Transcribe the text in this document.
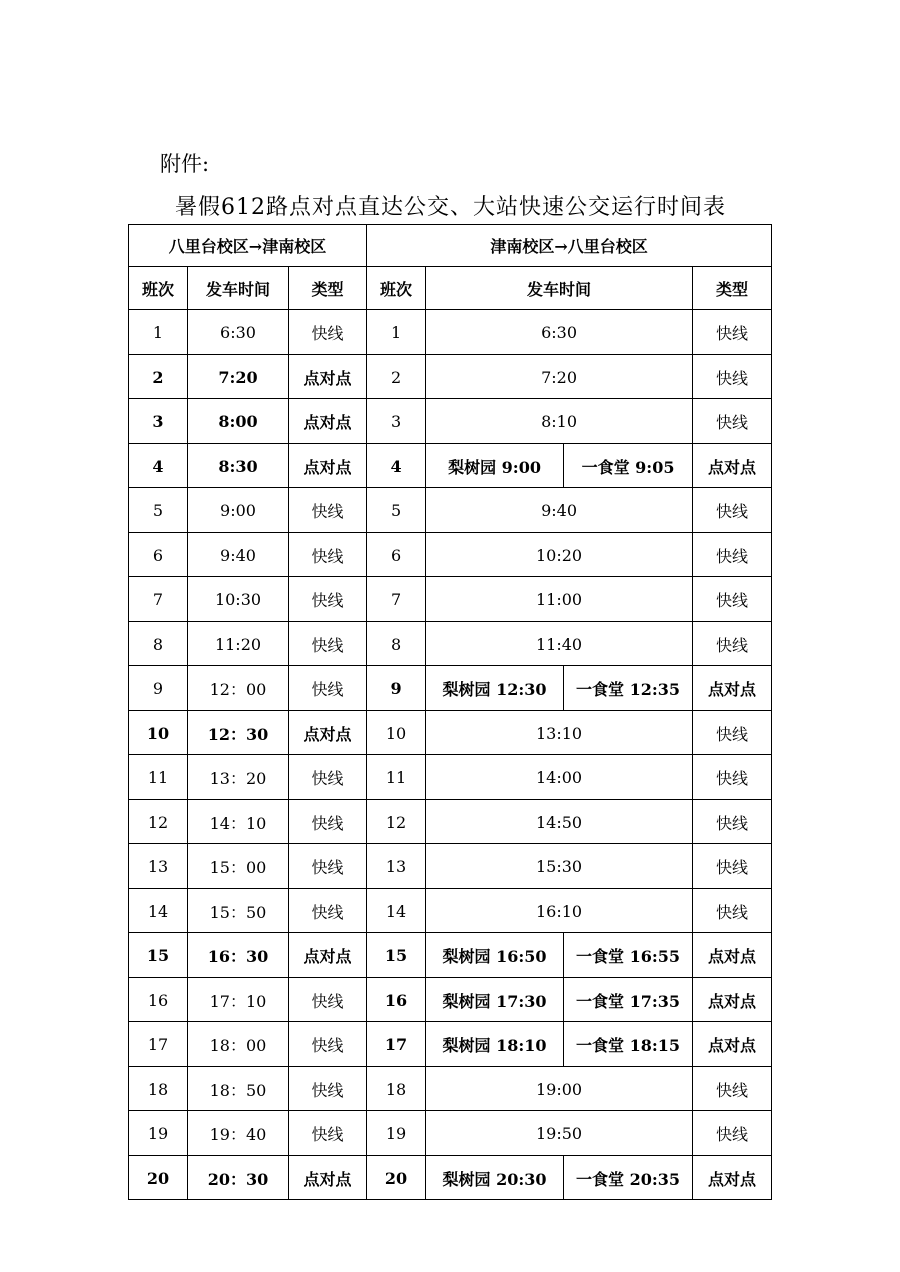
附件:
暑假612路点对点直达公交、大站快速公交运行时间表
八里台校区→津南校区			津南校区→八里台校区			
班次	发车时间	类型	班次	发车时间		类型
1	6:30	快线	1	6:30		快线
2	7:20	点对点	2	7:20		快线
3	8:00	点对点	3	8:10		快线
4	8:30	点对点	4	梨树园 9:00	一食堂 9:05	点对点
5	9:00	快线	5	9:40		快线
6	9:40	快线	6	10:20		快线
7	10:30	快线	7	11:00		快线
8	11:20	快线	8	11:40		快线
9	12：00	快线	9	梨树园 12:30	一食堂 12:35	点对点
10	12：30	点对点	10	13:10		快线
11	13：20	快线	11	14:00		快线
12	14：10	快线	12	14:50		快线
13	15：00	快线	13	15:30		快线
14	15：50	快线	14	16:10		快线
15	16：30	点对点	15	梨树园 16:50	一食堂 16:55	点对点
16	17：10	快线	16	梨树园 17:30	一食堂 17:35	点对点
17	18：00	快线	17	梨树园 18:10	一食堂 18:15	点对点
18	18：50	快线	18	19:00		快线
19	19：40	快线	19	19:50		快线
20	20：30	点对点	20	梨树园 20:30	一食堂 20:35	点对点
